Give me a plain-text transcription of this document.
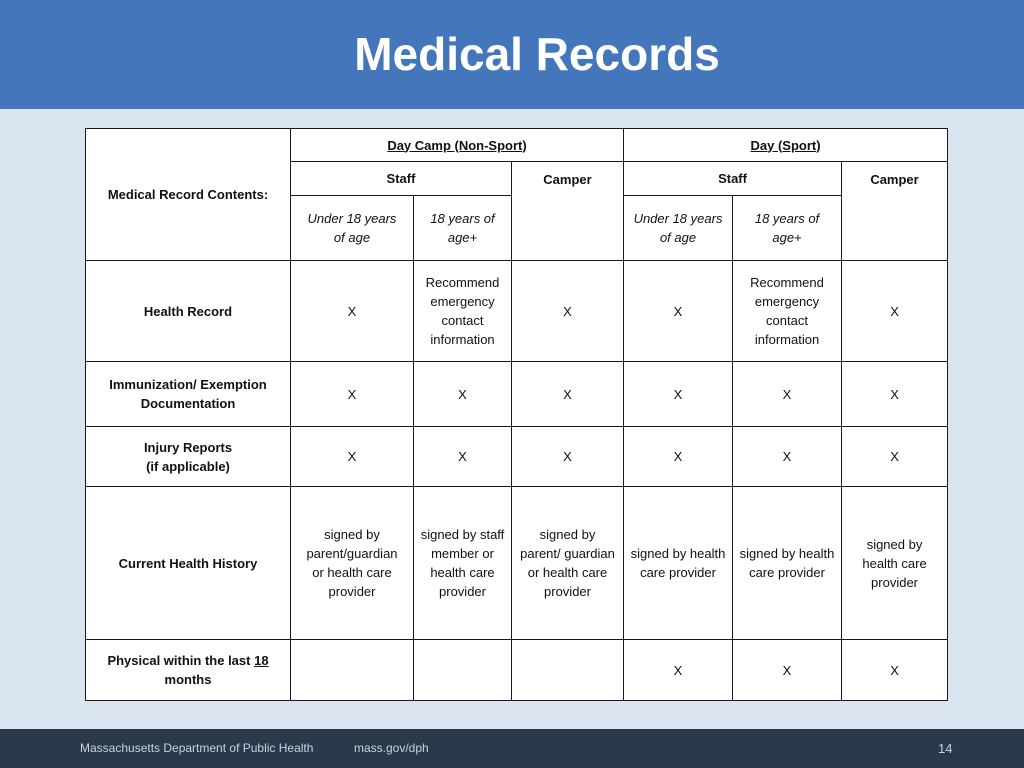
Medical Records
Medical Record Contents:	Day Camp (Non-Sport)			Day (Sport)		
	Staff		Camper	Staff		Camper
	Under 18 years
of age	18 years of
age+		Under 18 years
of age	18 years of
age+	
Health Record	X	Recommend
emergency
contact
information	X	X	Recommend
emergency
contact
information	X
Immunization/ Exemption
Documentation	X	X	X	X	X	X
Injury Reports
(if applicable)	X	X	X	X	X	X
Current Health History	signed by
parent/guardian
or health care
provider	signed by staff
member or
health care
provider	signed by
parent/ guardian
or health care
provider	signed by health
care provider	signed by health
care provider	signed by
health care
provider
Physical within the last 18
months				X	X	X
Massachusetts Department of Public Health	mass.gov/dph	14
